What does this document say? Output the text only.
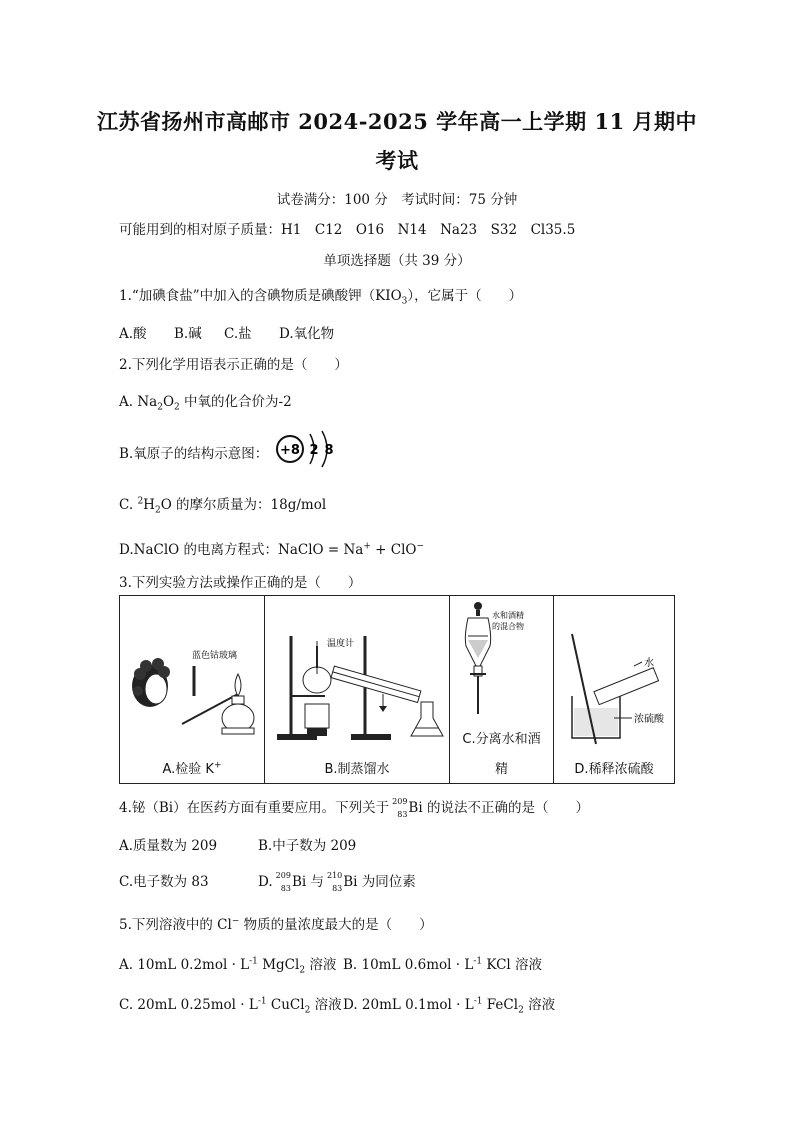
江苏省扬州市高邮市 2024-2025 学年高一上学期 11 月期中
考试
试卷满分：100 分　考试时间：75 分钟
可能用到的相对原子质量：H1　C12　O16　N14　Na23　S32　Cl35.5
单项选择题（共 39 分）
1.“加碘食盐”中加入的含碘物质是碘酸钾$(KIO_3)$，它属于（　　）
A.酸 B.碱 C.盐 D.氧化物
2.下列化学用语表示正确的是（　　）
A. $Na_2O_2$ 中氧的化合价为-2
B.氧原子的结构示意图： +8 2 8
C. $^2H_2O$ 的摩尔质量为：18g/mol
D.NaClO 的电离方程式：NaClO = Na+ + ClO−
3.下列实验方法或操作正确的是（　　）
蓝色钴玻璃
A.检验 K+

温度计
B.制蒸馏水

水和酒精
的混合物
C.分离水和酒
精

水
浓硫酸
D.稀释浓硫酸
4.铋（Bi）在医药方面有重要应用。下列关于
209
83 Bi 的说法不正确的是（　　）
A.质量数为 209	B.中子数为 209
C.电子数为 83	D.
209
83 Bi 与
210
83 Bi 为同位素
5.下列溶液中的 Cl− 物质的量浓度最大的是（　　）
A. 10mL $0.2mol \cdot L^{-1}$ MgCl$_2$ 溶液 B. 10mL $0.6mol \cdot L^{-1}$ KCl 溶液
C. 20mL $0.25mol \cdot L^{-1}$ CuCl$_2$ 溶液D. 20mL $0.1mol \cdot L^{-1}$ FeCl$_2$ 溶液
